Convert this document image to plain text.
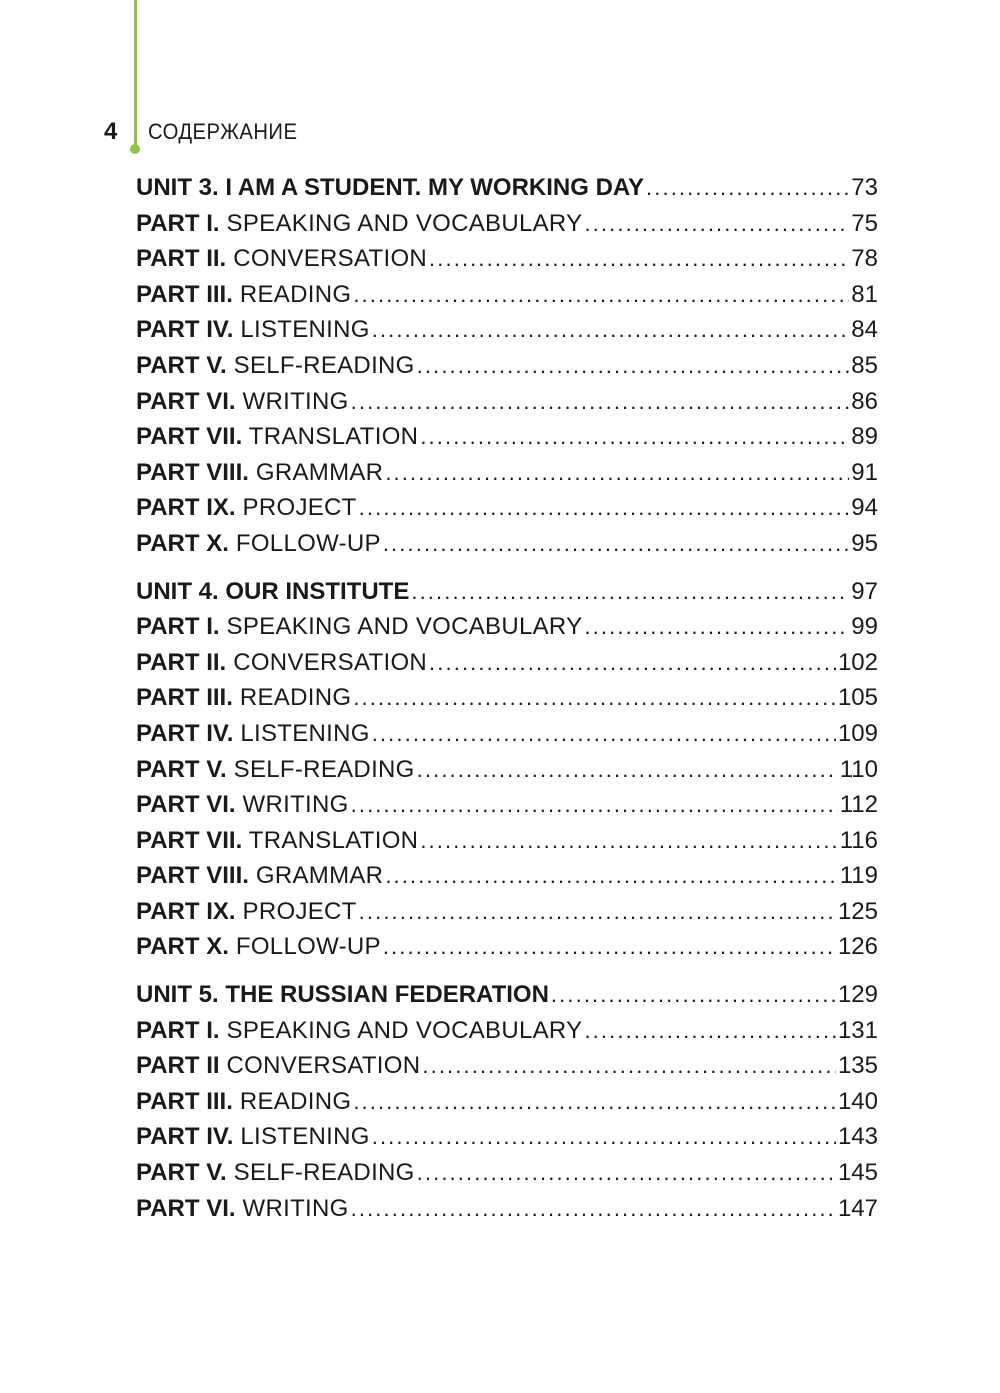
4 СОДЕРЖАНИЕ
UNIT 3. I AM A STUDENT. MY WORKING DAY . . .	73
PART I. SPEAKING AND VOCABULARY . . .	75
PART II. CONVERSATION . . .	78
PART III. READING . . .	81
PART IV. LISTENING . . .	84
PART V. SELF-READING . . .	85
PART VI. WRITING . . .	86
PART VII. TRANSLATION . . .	89
PART VIII. GRAMMAR . . .	91
PART IX. PROJECT . . .	94
PART X. FOLLOW-UP . . .	95
UNIT 4. OUR INSTITUTE . . .	97
PART I. SPEAKING AND VOCABULARY . . .	99
PART II. CONVERSATION . . .	102
PART III. READING . . .	105
PART IV. LISTENING . . .	109
PART V. SELF-READING . . .	110
PART VI. WRITING . . .	112
PART VII. TRANSLATION . . .	116
PART VIII. GRAMMAR . . .	119
PART IX. PROJECT . . .	125
PART X. FOLLOW-UP . . .	126
UNIT 5. THE RUSSIAN FEDERATION . . .	129
PART I. SPEAKING AND VOCABULARY . . .	131
PART II CONVERSATION . . .	135
PART III. READING . . .	140
PART IV. LISTENING . . .	143
PART V. SELF-READING . . .	145
PART VI. WRITING . . .	147
